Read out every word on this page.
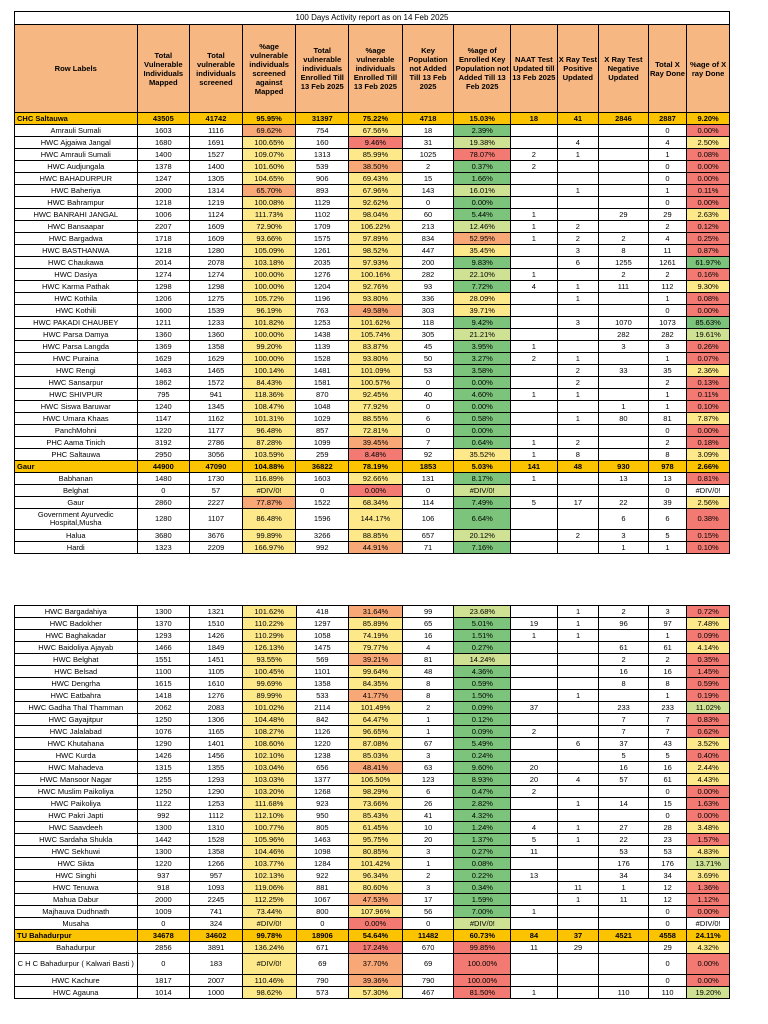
100 Days Activity report as on 14 Feb 2025												
Row Labels	Total Vulnerable Individuals Mapped	Total vulnerable individuals screened	%age vulnerable individuals screened against Mapped	Total vulnerable individuals Enrolled Till 13 Feb 2025	%age vulnerable individuals Enrolled Till 13 Feb 2025	Key Population not Added Till 13 Feb 2025	%age of Enrolled Key Population not Added Till 13 Feb 2025	NAAT Test Updated till 13 Feb 2025	X Ray Test Positive Updated	X Ray Test Negative Updated	Total X Ray Done	%age of X ray Done
CHC Saltauwa	43505	41742	95.95%	31397	75.22%	4718	15.03%	18	41	2846	2887	9.20%
Amrauli Sumali	1603	1116	69.62%	754	67.56%	18	2.39%				0	0.00%
HWC Ajgaiwa Jangal	1680	1691	100.65%	160	9.46%	31	19.38%		4		4	2.50%
HWC Amrauli Sumali	1400	1527	109.07%	1313	85.99%	1025	78.07%	2	1		1	0.08%
HWC Audjungala	1378	1400	101.60%	539	38.50%	2	0.37%	2			0	0.00%
HWC BAHADURPUR	1247	1305	104.65%	906	69.43%	15	1.66%				0	0.00%
HWC Baheriya	2000	1314	65.70%	893	67.96%	143	16.01%		1		1	0.11%
HWC Bahrampur	1218	1219	100.08%	1129	92.62%	0	0.00%				0	0.00%
HWC BANRAHI JANGAL	1006	1124	111.73%	1102	98.04%	60	5.44%	1		29	29	2.63%
HWC Bansaapar	2207	1609	72.90%	1709	106.22%	213	12.46%	1	2		2	0.12%
HWC Bargadwa	1718	1609	93.66%	1575	97.89%	834	52.95%	1	2	2	4	0.25%
HWC BASTHANWA	1218	1280	105.09%	1261	98.52%	447	35.45%		3	8	11	0.87%
HWC Chaukawa	2014	2078	103.18%	2035	97.93%	200	9.83%		6	1255	1261	61.97%
HWC Dasiya	1274	1274	100.00%	1276	100.16%	282	22.10%	1		2	2	0.16%
HWC Karma Pathak	1298	1298	100.00%	1204	92.76%	93	7.72%	4	1	111	112	9.30%
HWC Kothila	1206	1275	105.72%	1196	93.80%	336	28.09%		1		1	0.08%
HWC Kothili	1600	1539	96.19%	763	49.58%	303	39.71%				0	0.00%
HWC PAKADI CHAUBEY	1211	1233	101.82%	1253	101.62%	118	9.42%		3	1070	1073	85.63%
HWC Parsa Damya	1360	1360	100.00%	1438	105.74%	305	21.21%			282	282	19.61%
HWC Parsa Langda	1369	1358	99.20%	1139	83.87%	45	3.95%	1		3	3	0.26%
HWC Puraina	1629	1629	100.00%	1528	93.80%	50	3.27%	2	1		1	0.07%
HWC Rengi	1463	1465	100.14%	1481	101.09%	53	3.58%		2	33	35	2.36%
HWC Sansarpur	1862	1572	84.43%	1581	100.57%	0	0.00%		2		2	0.13%
HWC SHIVPUR	795	941	118.36%	870	92.45%	40	4.60%	1	1		1	0.11%
HWC Siswa Baruwar	1240	1345	108.47%	1048	77.92%	0	0.00%			1	1	0.10%
HWC Umara Khaas	1147	1162	101.31%	1029	88.55%	6	0.58%		1	80	81	7.87%
PanchMohni	1220	1177	96.48%	857	72.81%	0	0.00%				0	0.00%
PHC Aama Tinich	3192	2786	87.28%	1099	39.45%	7	0.64%	1	2		2	0.18%
PHC Saltauwa	2950	3056	103.59%	259	8.48%	92	35.52%	1	8		8	3.09%
Gaur	44900	47090	104.88%	36822	78.19%	1853	5.03%	141	48	930	978	2.66%
Babhanan	1480	1730	116.89%	1603	92.66%	131	8.17%	1		13	13	0.81%
Belghat	0	57	#DIV/0!	0	0.00%	0	#DIV/0!				0	#DIV/0!
Gaur	2860	2227	77.87%	1522	68.34%	114	7.49%	5	17	22	39	2.56%
Government Ayurvedic Hospital,Musha	1280	1107	86.48%	1596	144.17%	106	6.64%			6	6	0.38%
Halua	3680	3676	99.89%	3266	88.85%	657	20.12%		2	3	5	0.15%
Hardi	1323	2209	166.97%	992	44.91%	71	7.16%			1	1	0.10%
HWC Bargadahiya	1300	1321	101.62%	418	31.64%	99	23.68%		1	2	3	0.72%
HWC Badokher	1370	1510	110.22%	1297	85.89%	65	5.01%	19	1	96	97	7.48%
HWC Baghakadar	1293	1426	110.29%	1058	74.19%	16	1.51%	1	1		1	0.09%
HWC Baidoliya Ajayab	1466	1849	126.13%	1475	79.77%	4	0.27%			61	61	4.14%
HWC Belghat	1551	1451	93.55%	569	39.21%	81	14.24%			2	2	0.35%
HWC Belsad	1100	1105	100.45%	1101	99.64%	48	4.36%			16	16	1.45%
HWC Dengrha	1615	1610	99.69%	1358	84.35%	8	0.59%			8	8	0.59%
HWC Eatbahra	1418	1276	89.99%	533	41.77%	8	1.50%		1		1	0.19%
HWC Gadha Thal Thamman	2062	2083	101.02%	2114	101.49%	2	0.09%	37		233	233	11.02%
HWC Gayajitpur	1250	1306	104.48%	842	64.47%	1	0.12%			7	7	0.83%
HWC Jalalabad	1076	1165	108.27%	1126	96.65%	1	0.09%	2		7	7	0.62%
HWC Khutahana	1290	1401	108.60%	1220	87.08%	67	5.49%		6	37	43	3.52%
HWC Kurda	1426	1456	102.10%	1238	85.03%	3	0.24%			5	5	0.40%
HWC Mahadeva	1315	1355	103.04%	656	48.41%	63	9.60%	20		16	16	2.44%
HWC Mansoor Nagar	1255	1293	103.03%	1377	106.50%	123	8.93%	20	4	57	61	4.43%
HWC Muslim Paikoliya	1250	1290	103.20%	1268	98.29%	6	0.47%	2			0	0.00%
HWC Paikoliya	1122	1253	111.68%	923	73.66%	26	2.82%		1	14	15	1.63%
HWC Pakri Japti	992	1112	112.10%	950	85.43%	41	4.32%				0	0.00%
HWC Saavdeeh	1300	1310	100.77%	805	61.45%	10	1.24%	4	1	27	28	3.48%
HWC Sardaha Shukla	1442	1528	105.96%	1463	95.75%	20	1.37%	5	1	22	23	1.57%
HWC Sekhuwi	1300	1358	104.46%	1098	80.85%	3	0.27%	11		53	53	4.83%
HWC Sikta	1220	1266	103.77%	1284	101.42%	1	0.08%			176	176	13.71%
HWC Singhi	937	957	102.13%	922	96.34%	2	0.22%	13		34	34	3.69%
HWC Tenuwa	918	1093	119.06%	881	80.60%	3	0.34%		11	1	12	1.36%
Mahua Dabur	2000	2245	112.25%	1067	47.53%	17	1.59%		1	11	12	1.12%
Majhauva Dudhnath	1009	741	73.44%	800	107.96%	56	7.00%	1			0	0.00%
Musaha	0	324	#DIV/0!	0	0.00%	0	#DIV/0!				0	#DIV/0!
TU Bahadurpur	34678	34602	99.78%	18906	54.64%	11482	60.73%	84	37	4521	4558	24.11%
Bahadurpur	2856	3891	136.24%	671	17.24%	670	99.85%	11	29		29	4.32%
C H C Bahadurpur ( Kalwari Basti )	0	183	#DIV/0!	69	37.70%	69	100.00%				0	0.00%
HWC Kachure	1817	2007	110.46%	790	39.36%	790	100.00%				0	0.00%
HWC Agauna	1014	1000	98.62%	573	57.30%	467	81.50%	1		110	110	19.20%
